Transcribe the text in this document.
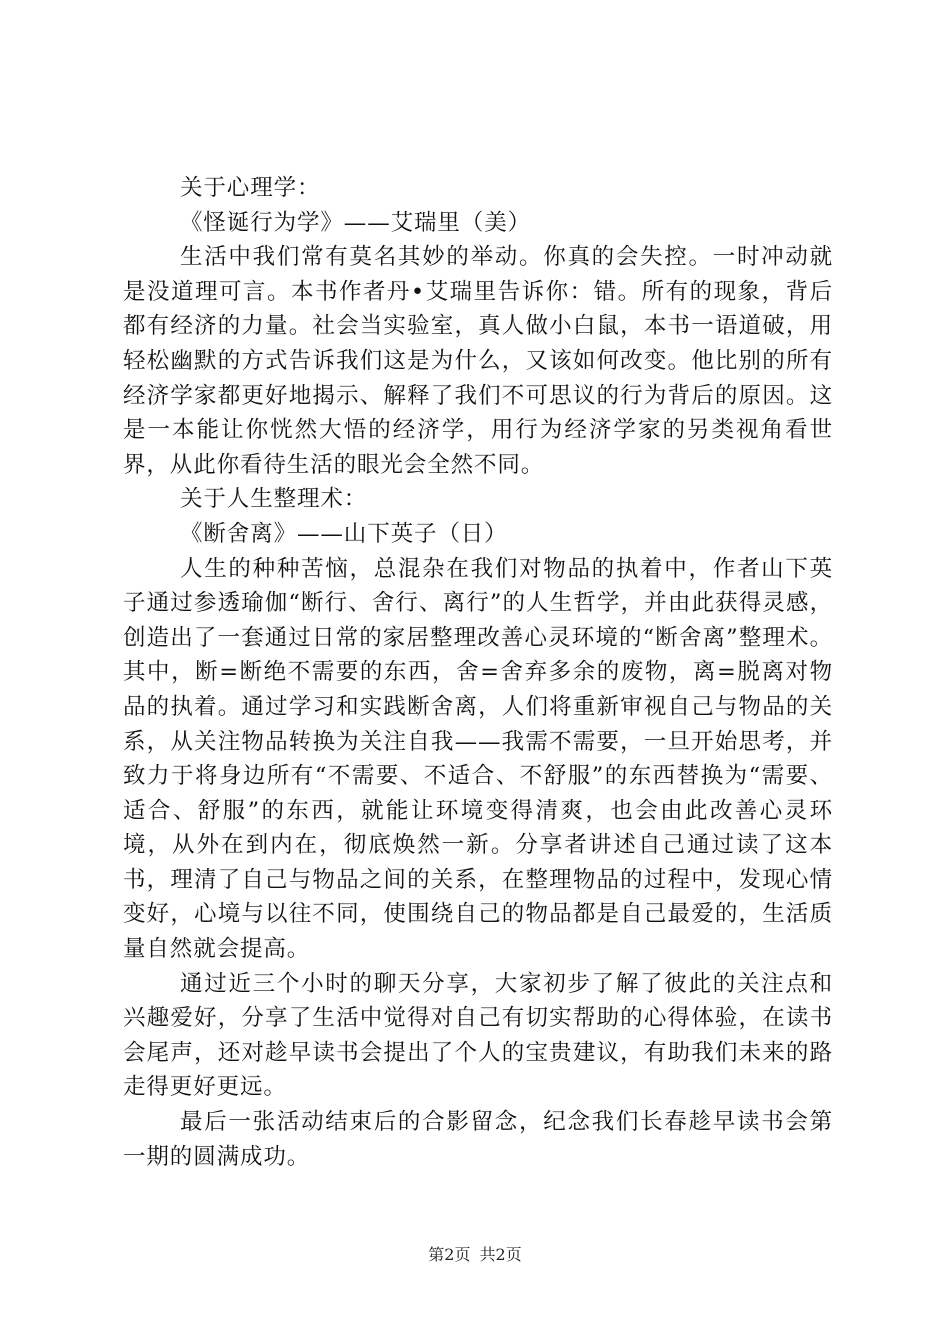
关于心理学：

《怪诞行为学》——艾瑞里（美）

生活中我们常有莫名其妙的举动。你真的会失控。一时冲动就是没道理可言。本书作者丹•艾瑞里告诉你：错。所有的现象，背后都有经济的力量。社会当实验室，真人做小白鼠，本书一语道破，用轻松幽默的方式告诉我们这是为什么，又该如何改变。他比别的所有经济学家都更好地揭示、解释了我们不可思议的行为背后的原因。这是一本能让你恍然大悟的经济学，用行为经济学家的另类视角看世界，从此你看待生活的眼光会全然不同。

关于人生整理术：

《断舍离》——山下英子（日）

人生的种种苦恼，总混杂在我们对物品的执着中，作者山下英子通过参透瑜伽“断行、舍行、离行”的人生哲学，并由此获得灵感，创造出了一套通过日常的家居整理改善心灵环境的“断舍离”整理术。其中，断=断绝不需要的东西，舍=舍弃多余的废物，离=脱离对物品的执着。通过学习和实践断舍离，人们将重新审视自己与物品的关系，从关注物品转换为关注自我——我需不需要，一旦开始思考，并致力于将身边所有“不需要、不适合、不舒服”的东西替换为“需要、适合、舒服”的东西，就能让环境变得清爽，也会由此改善心灵环境，从外在到内在，彻底焕然一新。分享者讲述自己通过读了这本书，理清了自己与物品之间的关系，在整理物品的过程中，发现心情变好，心境与以往不同，使围绕自己的物品都是自己最爱的，生活质量自然就会提高。

通过近三个小时的聊天分享，大家初步了解了彼此的关注点和兴趣爱好，分享了生活中觉得对自己有切实帮助的心得体验，在读书会尾声，还对趁早读书会提出了个人的宝贵建议，有助我们未来的路走得更好更远。

最后一张活动结束后的合影留念，纪念我们长春趁早读书会第一期的圆满成功。

第2页 共2页
